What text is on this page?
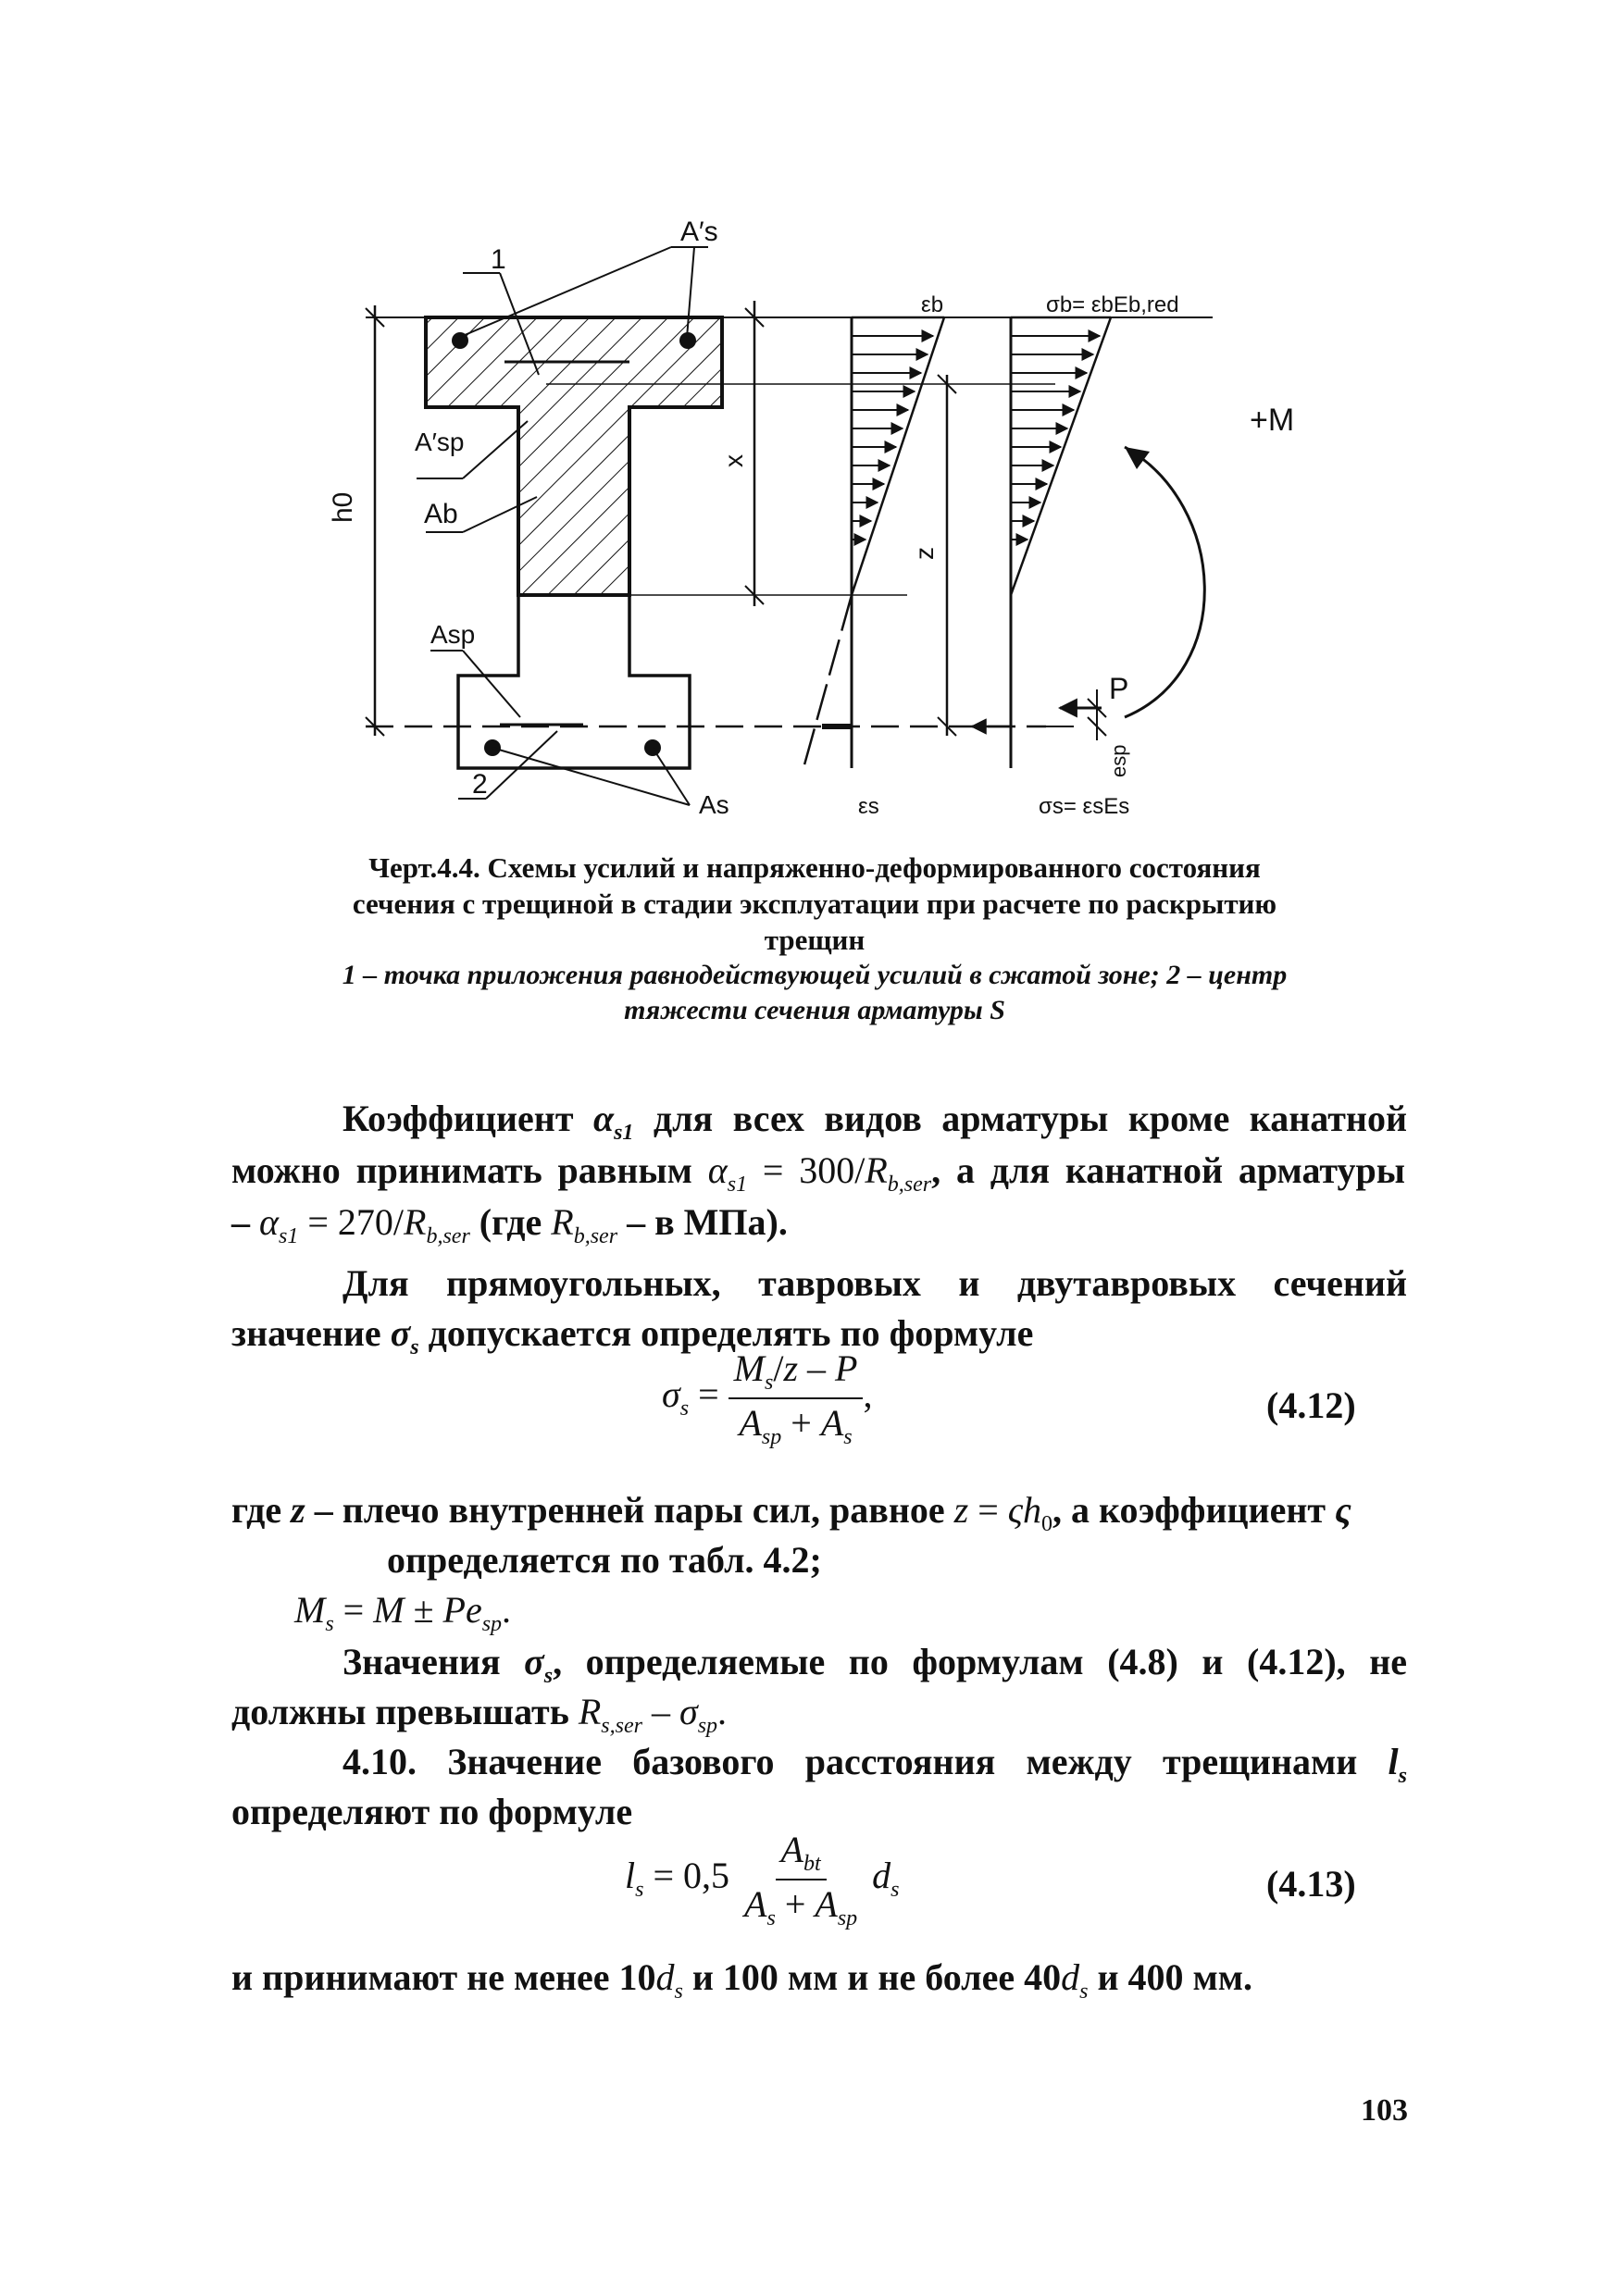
1
A′s
εb	σb= εbEb,red
A′sp
Ab
h0
x
z
+M
Asp
P
esp
2
As	εs	σs= εsEs
Черт.4.4. Схемы усилий и напряженно-деформированного состояния
сечения с трещиной в стадии эксплуатации при расчете по раскрытию
трещин
1 – точка приложения равнодействующей усилий в сжатой зоне; 2 – центр
тяжести сечения арматуры S
Коэффициент $\alpha_{s1}$ для всех видов арматуры кроме канатной
можно принимать равным $\alpha_{s1} = 300/R_{b,ser}$, а для канатной арматуры
– $\alpha_{s1} = 270/R_{b,ser}$ (где $R_{b,ser}$ – в МПа).
Для прямоугольных, тавровых и двутавровых сечений
значение $\sigma_s$ допускается определять по формуле
$\sigma_s = \frac{M_s/z - P}{A_{sp} + A_s}$ ,	(4.12)
где z – плечо внутренней пары сил, равное $z = \varsigma h_0$, а коэффициент ς
определяется по табл. 4.2;
$M_s = M \pm Pe_{sp}$.
Значения $\sigma_s$, определяемые по формулам (4.8) и (4.12), не
должны превышать $R_{s,ser} - \sigma_{sp}$.
4.10. Значение базового расстояния между трещинами $l_s$
определяют по формуле
$l_s = 0,5 \frac{A_{bt}}{A_s + A_{sp}} d_s$	(4.13)
и принимают не менее $10d_s$ и 100 мм и не более $40d_s$ и 400 мм.
103
